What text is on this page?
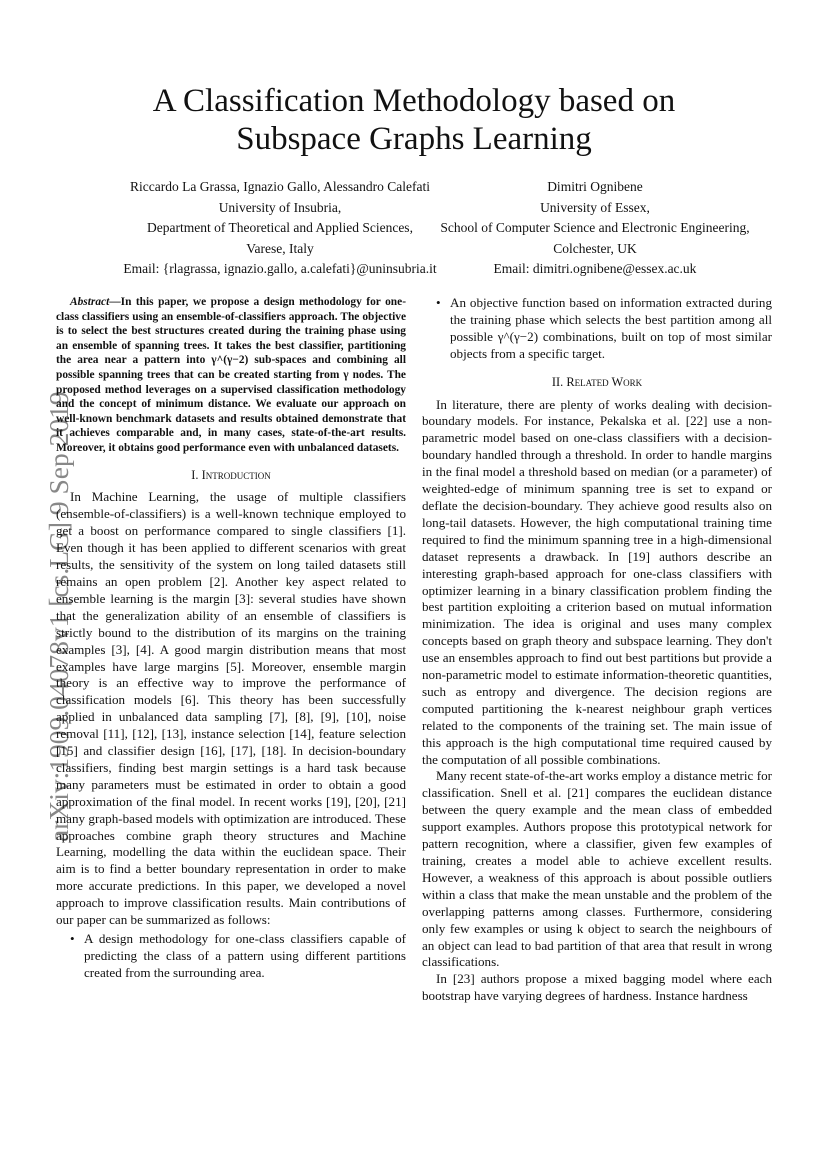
arXiv:1909.04078v1 [cs.LG] 9 Sep 2019
A Classification Methodology based on
Subspace Graphs Learning
Riccardo La Grassa, Ignazio Gallo, Alessandro Calefati
University of Insubria,
Department of Theoretical and Applied Sciences,
Varese, Italy
Email: {rlagrassa, ignazio.gallo, a.calefati}@uninsubria.it
Dimitri Ognibene
University of Essex,
School of Computer Science and Electronic Engineering,
Colchester, UK
Email: dimitri.ognibene@essex.ac.uk
Abstract—In this paper, we propose a design methodology for one-class classifiers using an ensemble-of-classifiers approach. The objective is to select the best structures created during the training phase using an ensemble of spanning trees. It takes the best classifier, partitioning the area near a pattern into γ^(γ−2) sub-spaces and combining all possible spanning trees that can be created starting from γ nodes. The proposed method leverages on a supervised classification methodology and the concept of minimum distance. We evaluate our approach on well-known benchmark datasets and results obtained demonstrate that it achieves comparable and, in many cases, state-of-the-art results. Moreover, it obtains good performance even with unbalanced datasets.
I. Introduction

In Machine Learning, the usage of multiple classifiers (ensemble-of-classifiers) is a well-known technique employed to get a boost on performance compared to single classifiers [1]. Even though it has been applied to different scenarios with great results, the sensitivity of the system on long tailed datasets still remains an open problem [2]. Another key aspect related to ensemble learning is the margin [3]: several studies have shown that the generalization ability of an ensemble of classifiers is strictly bound to the distribution of its margins on the training examples [3], [4]. A good margin distribution means that most examples have large margins [5]. Moreover, ensemble margin theory is an effective way to improve the performance of classification models [6]. This theory has been successfully applied in unbalanced data sampling [7], [8], [9], [10], noise removal [11], [12], [13], instance selection [14], feature selection [15] and classifier design [16], [17], [18]. In decision-boundary classifiers, finding best margin settings is a hard task because many parameters must be estimated in order to obtain a good approximation of the final model. In recent works [19], [20], [21] many graph-based models with optimization are introduced. These approaches combine graph theory structures and Machine Learning, modelling the data within the euclidean space. Their aim is to find a better boundary representation in order to make more accurate predictions. In this paper, we developed a novel approach to improve classification results. Main contributions of our paper can be summarized as follows:

• A design methodology for one-class classifiers capable of predicting the class of a pattern using different partitions created from the surrounding area.
• An objective function based on information extracted during the training phase which selects the best partition among all possible γ^(γ−2) combinations, built on top of most similar objects from a specific target.
II. Related Work

In literature, there are plenty of works dealing with decision-boundary models. For instance, Pekalska et al. [22] use a non-parametric model based on one-class classifiers with a decision-boundary handled through a threshold. In order to handle margins in the final model a threshold based on median (or a parameter) of weighted-edge of minimum spanning tree is set to expand or deflate the decision-boundary. They achieve good results also on long-tail datasets. However, the high computational training time required to find the minimum spanning tree in a high-dimensional dataset represents a drawback. In [19] authors describe an interesting graph-based approach for one-class classifiers with optimizer learning in a binary classification problem finding the best partition exploiting a criterion based on mutual information minimization. The idea is original and uses many complex concepts based on graph theory and subspace learning. They don't use an ensembles approach to find out best partitions but provide a non-parametric model to estimate information-theoretic quantities, such as entropy and divergence. The decision regions are computed partitioning the k-nearest neighbour graph vertices related to the components of the training set. The main issue of this approach is the high computational time required caused by the computation of all possible combinations.

Many recent state-of-the-art works employ a distance metric for classification. Snell et al. [21] compares the euclidean distance between the query example and the mean class of embedded support examples. Authors propose this prototypical network for pattern recognition, where a classifier, given few examples of training, creates a model able to achieve excellent results. However, a weakness of this approach is about possible outliers within a class that make the mean unstable and the problem of the overlapping patterns among classes. Furthermore, considering only few examples or using k object to search the neighbours of an object can lead to bad partition of that area that result in wrong classifications.

In [23] authors propose a mixed bagging model where each bootstrap have varying degrees of hardness. Instance hardness
